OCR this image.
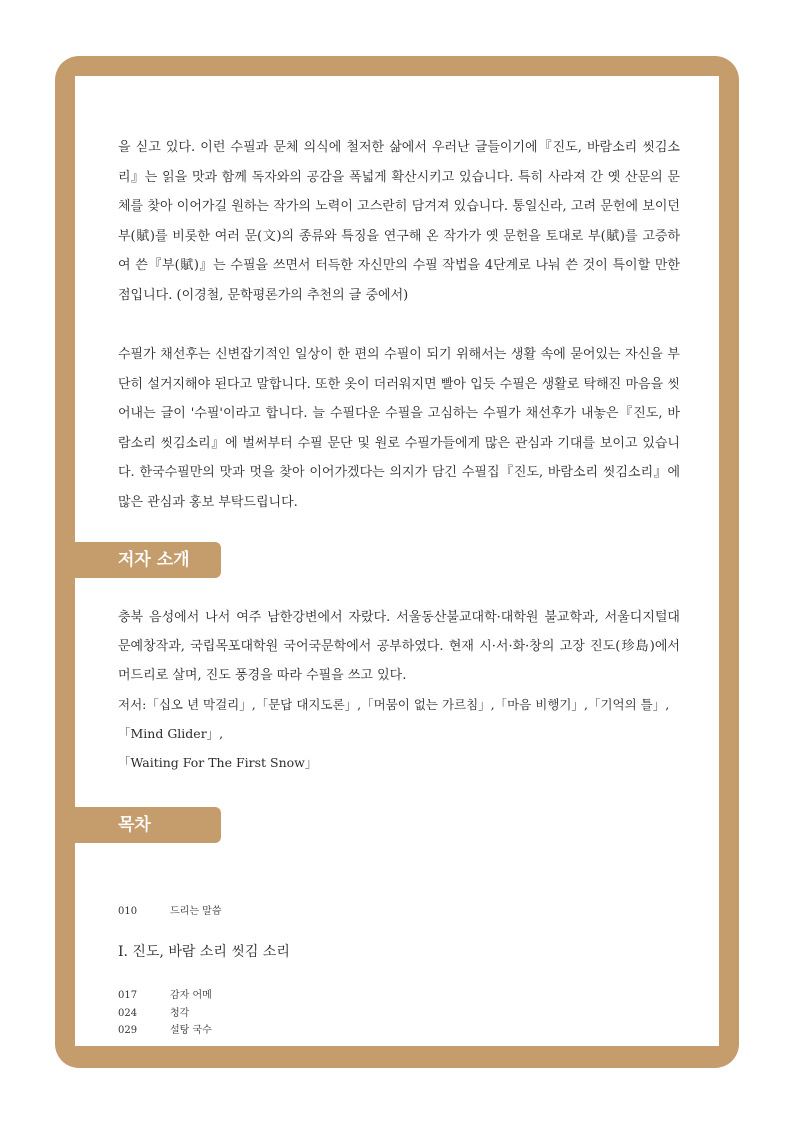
을 싣고 있다. 이런 수필과 문체 의식에 철저한 삶에서 우러난 글들이기에『진도, 바람소리 씻김소리』는 읽을 맛과 함께 독자와의 공감을 폭넓게 확산시키고 있습니다. 특히 사라져 간 옛 산문의 문체를 찾아 이어가길 원하는 작가의 노력이 고스란히 담겨져 있습니다. 통일신라, 고려 문헌에 보이던 부(賦)를 비롯한 여러 문(文)의 종류와 특징을 연구해 온 작가가 옛 문헌을 토대로 부(賦)를 고증하여 쓴『부(賦)』는 수필을 쓰면서 터득한 자신만의 수필 작법을 4단계로 나눠 쓴 것이 특이할 만한 점입니다. (이경철, 문학평론가의 추천의 글 중에서)

수필가 채선후는 신변잡기적인 일상이 한 편의 수필이 되기 위해서는 생활 속에 묻어있는 자신을 부단히 설거지해야 된다고 말합니다. 또한 옷이 더러워지면 빨아 입듯 수필은 생활로 탁해진 마음을 씻어내는 글이 '수필'이라고 합니다. 늘 수필다운 수필을 고심하는 수필가 채선후가 내놓은『진도, 바람소리 씻김소리』에 벌써부터 수필 문단 및 원로 수필가들에게 많은 관심과 기대를 보이고 있습니다. 한국수필만의 맛과 멋을 찾아 이어가겠다는 의지가 담긴 수필집『진도, 바람소리 씻김소리』에 많은 관심과 홍보 부탁드립니다.

저자 소개

충북 음성에서 나서 여주 남한강변에서 자랐다. 서울동산불교대학·대학원 불교학과, 서울디지털대 문예창작과, 국립목포대학원 국어국문학에서 공부하였다. 현재 시·서·화·창의 고장 진도(珍島)에서 머드리로 살며, 진도 풍경을 따라 수필을 쓰고 있다.

저서:「십오 년 막걸리」,「문답 대지도론」,「머뭄이 없는 가르침」,「마음 비행기」,「기억의 틀」,「Mind Glider」,
「Waiting For The First Snow」

목차
010	드리는 말씀
Ⅰ. 진도, 바람 소리 씻김 소리
017	감자 어메
024	청각
029	설탕 국수
